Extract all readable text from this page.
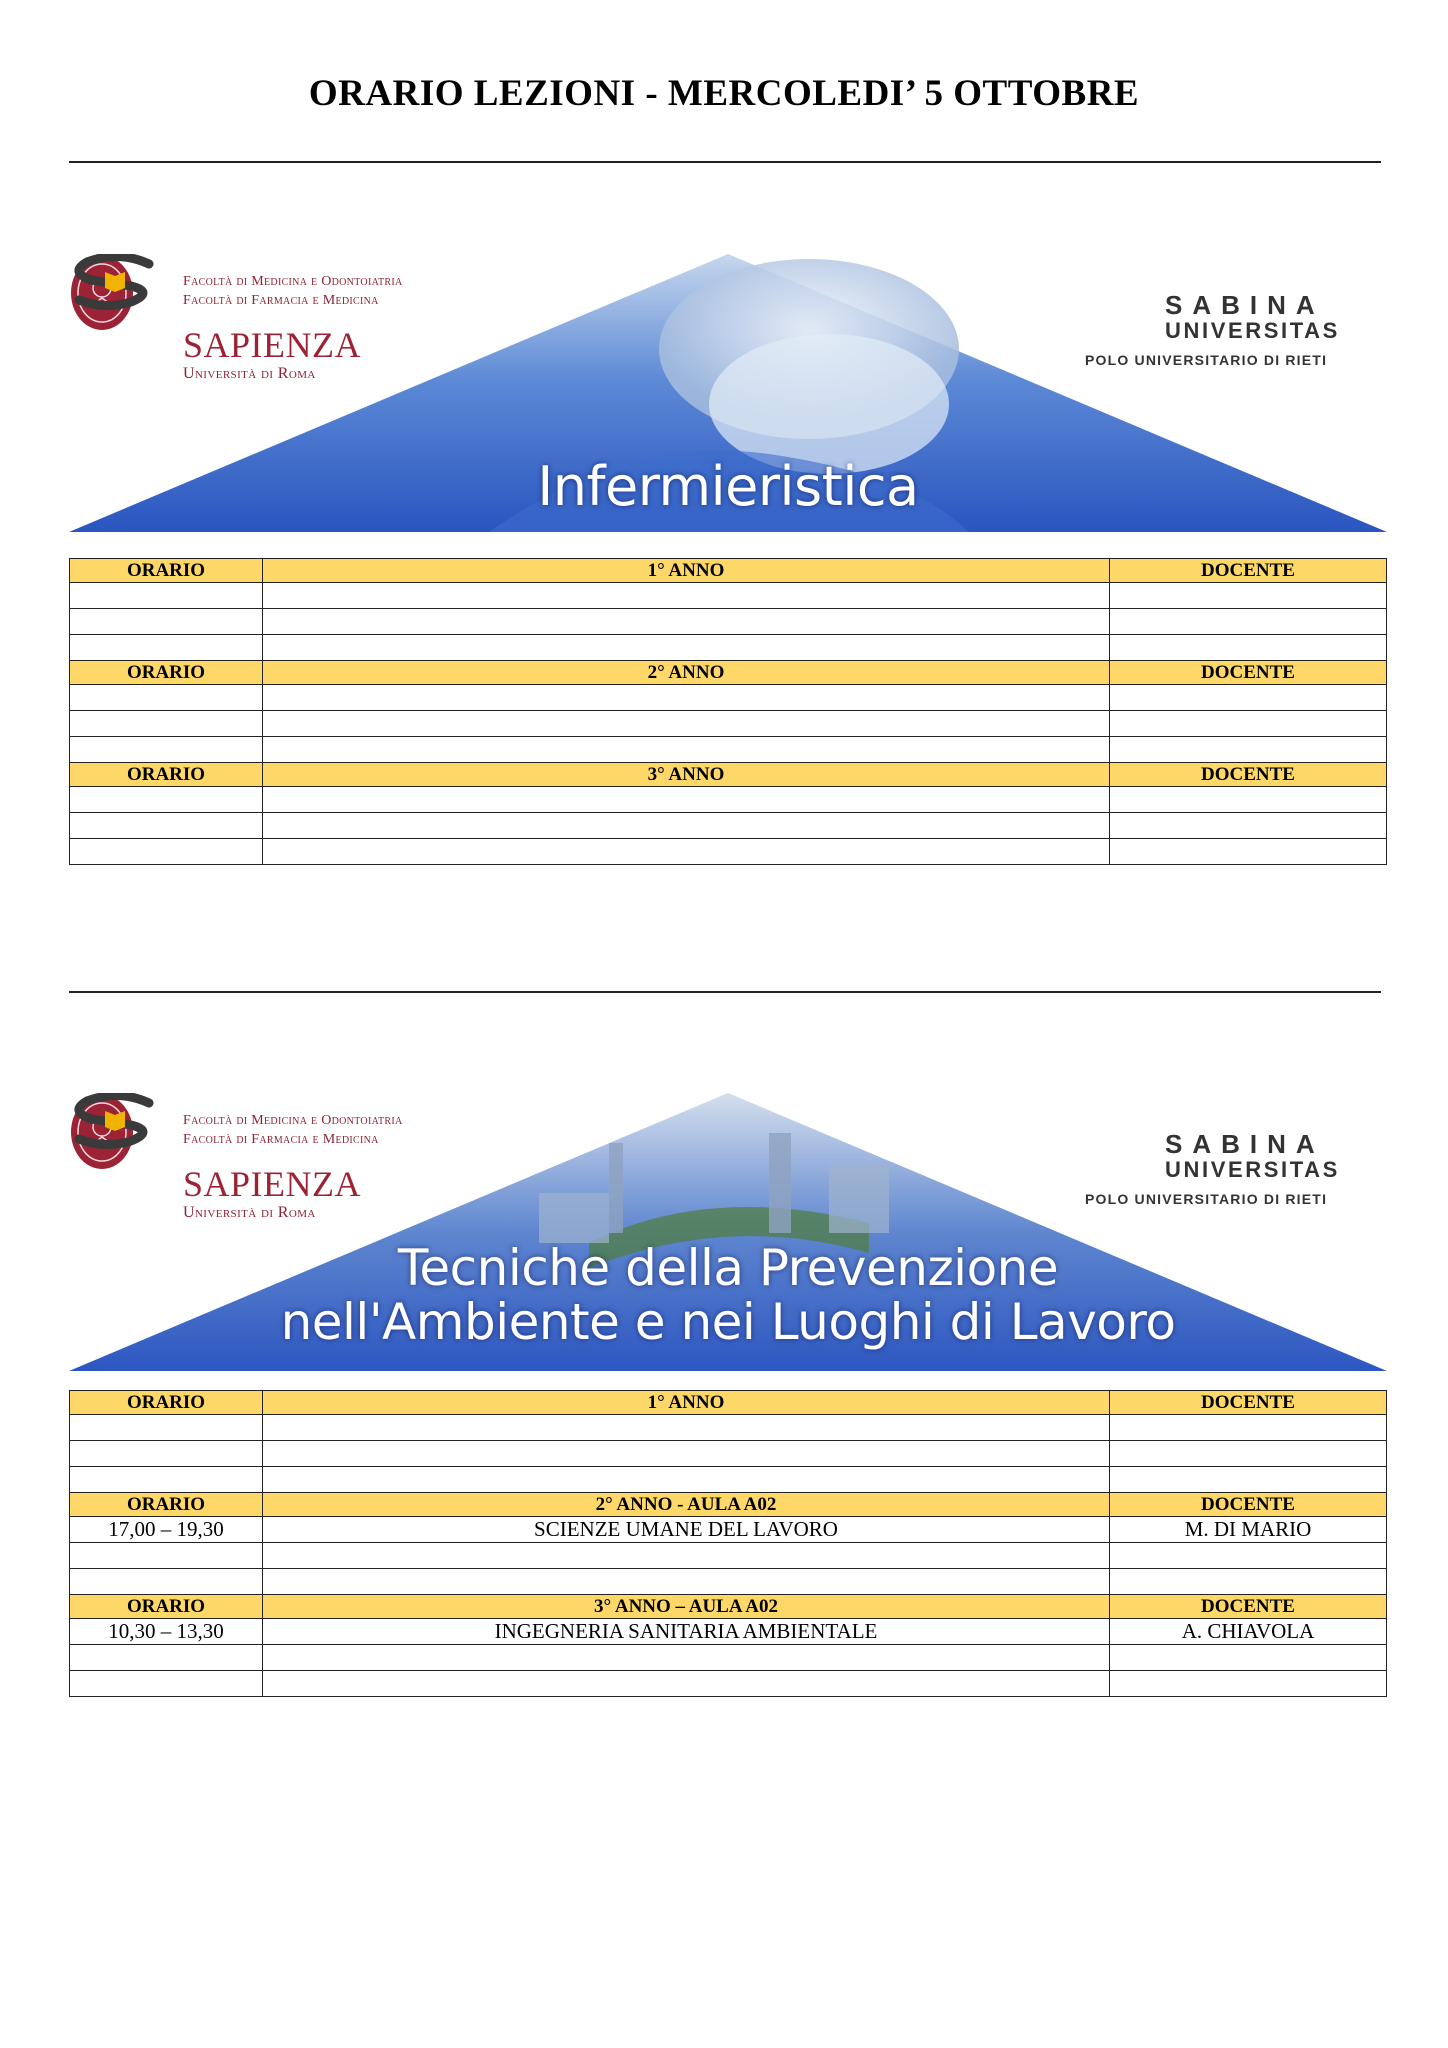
ORARIO LEZIONI - MERCOLEDI’ 5 OTTOBRE
Facoltà di Medicina e Odontoiatria
Facoltà di Farmacia e Medicina
SAPIENZA
Università di Roma
SABINA
UNIVERSITAS
POLO UNIVERSITARIO DI RIETI
Infermieristica
ORARIO	1° ANNO	DOCENTE

ORARIO	2° ANNO	DOCENTE

ORARIO	3° ANNO	DOCENTE

Facoltà di Medicina e Odontoiatria
Facoltà di Farmacia e Medicina
SAPIENZA
Università di Roma
SABINA
UNIVERSITAS
POLO UNIVERSITARIO DI RIETI
Tecniche della Prevenzione
nell'Ambiente e nei Luoghi di Lavoro
ORARIO	1° ANNO	DOCENTE

ORARIO	2° ANNO - AULA A02	DOCENTE
17,00 – 19,30	SCIENZE UMANE DEL LAVORO	M. DI MARIO

ORARIO	3° ANNO – AULA A02	DOCENTE
10,30 – 13,30	INGEGNERIA SANITARIA AMBIENTALE	A. CHIAVOLA
